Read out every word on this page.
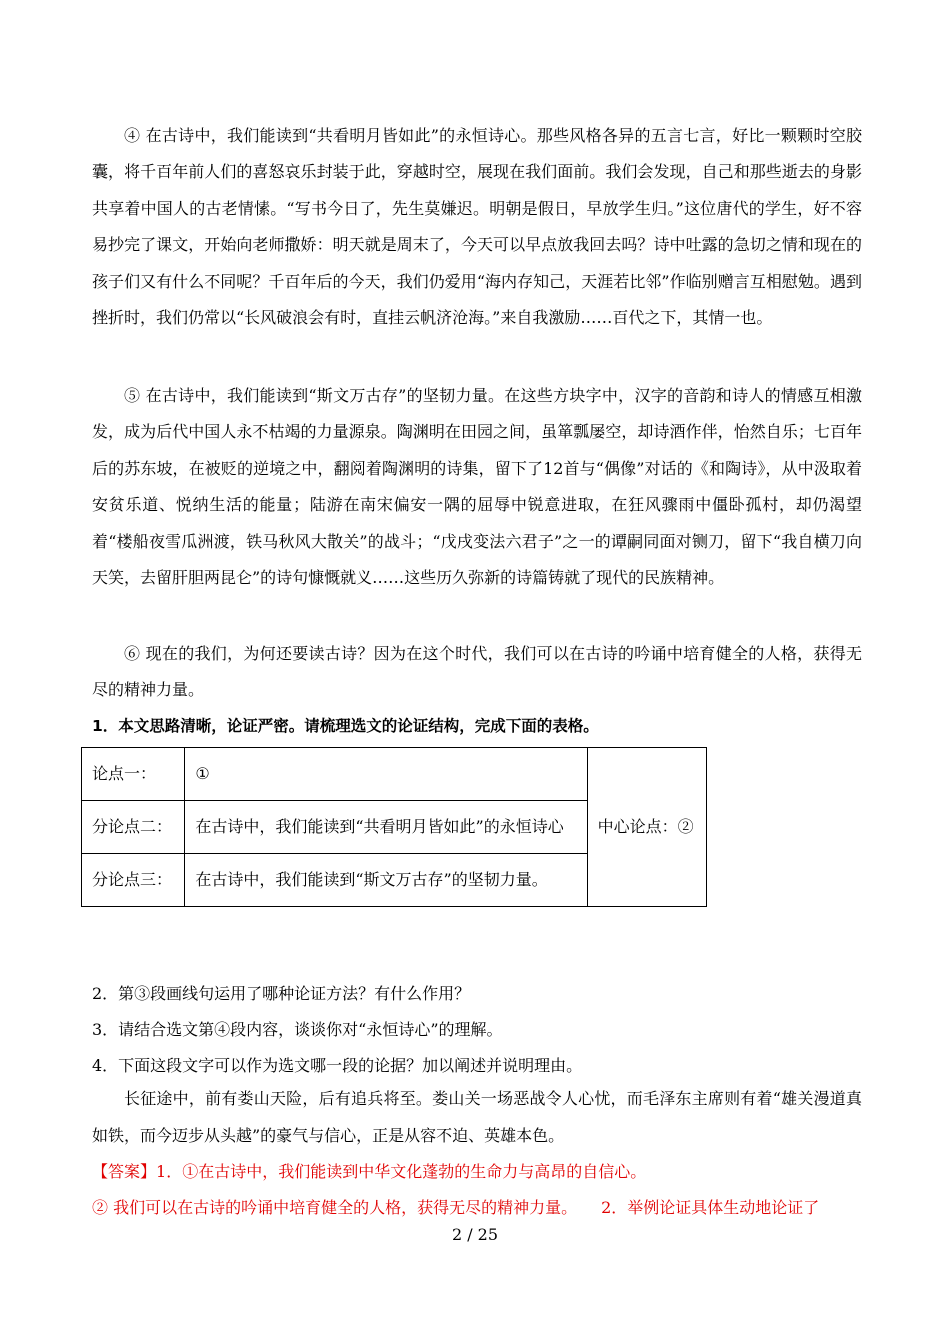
④ 在古诗中，我们能读到“共看明月皆如此”的永恒诗心。那些风格各异的五言七言，好比一颗颗时空胶囊，将千百年前人们的喜怒哀乐封装于此，穿越时空，展现在我们面前。我们会发现，自己和那些逝去的身影共享着中国人的古老情愫。“写书今日了，先生莫嫌迟。明朝是假日，早放学生归。”这位唐代的学生，好不容易抄完了课文，开始向老师撒娇：明天就是周末了，今天可以早点放我回去吗？诗中吐露的急切之情和现在的孩子们又有什么不同呢？千百年后的今天，我们仍爱用“海内存知己，天涯若比邻”作临别赠言互相慰勉。遇到挫折时，我们仍常以“长风破浪会有时，直挂云帆济沧海。”来自我激励……百代之下，其情一也。

⑤ 在古诗中，我们能读到“斯文万古存”的坚韧力量。在这些方块字中，汉字的音韵和诗人的情感互相激发，成为后代中国人永不枯竭的力量源泉。陶渊明在田园之间，虽箪瓢屡空，却诗酒作伴，怡然自乐；七百年后的苏东坡，在被贬的逆境之中，翻阅着陶渊明的诗集，留下了12首与“偶像”对话的《和陶诗》，从中汲取着安贫乐道、悦纳生活的能量；陆游在南宋偏安一隅的屈辱中锐意进取，在狂风骤雨中僵卧孤村，却仍渴望着“楼船夜雪瓜洲渡，铁马秋风大散关”的战斗；“戊戌变法六君子”之一的谭嗣同面对铡刀，留下“我自横刀向天笑，去留肝胆两昆仑”的诗句慷慨就义……这些历久弥新的诗篇铸就了现代的民族精神。

⑥ 现在的我们，为何还要读古诗？因为在这个时代，我们可以在古诗的吟诵中培育健全的人格，获得无尽的精神力量。

1．本文思路清晰，论证严密。请梳理选文的论证结构，完成下面的表格。

论点一：	①	中心论点：②
分论点二：	在古诗中，我们能读到“共看明月皆如此”的永恒诗心	
分论点三：	在古诗中，我们能读到“斯文万古存”的坚韧力量。	

2．第③段画线句运用了哪种论证方法？有什么作用？

3．请结合选文第④段内容，谈谈你对“永恒诗心”的理解。

4．下面这段文字可以作为选文哪一段的论据？加以阐述并说明理由。

长征途中，前有娄山天险，后有追兵将至。娄山关一场恶战令人心忧，而毛泽东主席则有着“雄关漫道真如铁，而今迈步从头越”的豪气与信心，正是从容不迫、英雄本色。

【答案】1．①在古诗中，我们能读到中华文化蓬勃的生命力与高昂的自信心。

② 我们可以在古诗的吟诵中培育健全的人格，获得无尽的精神力量。　　2．举例论证具体生动地论证了

2 / 25
